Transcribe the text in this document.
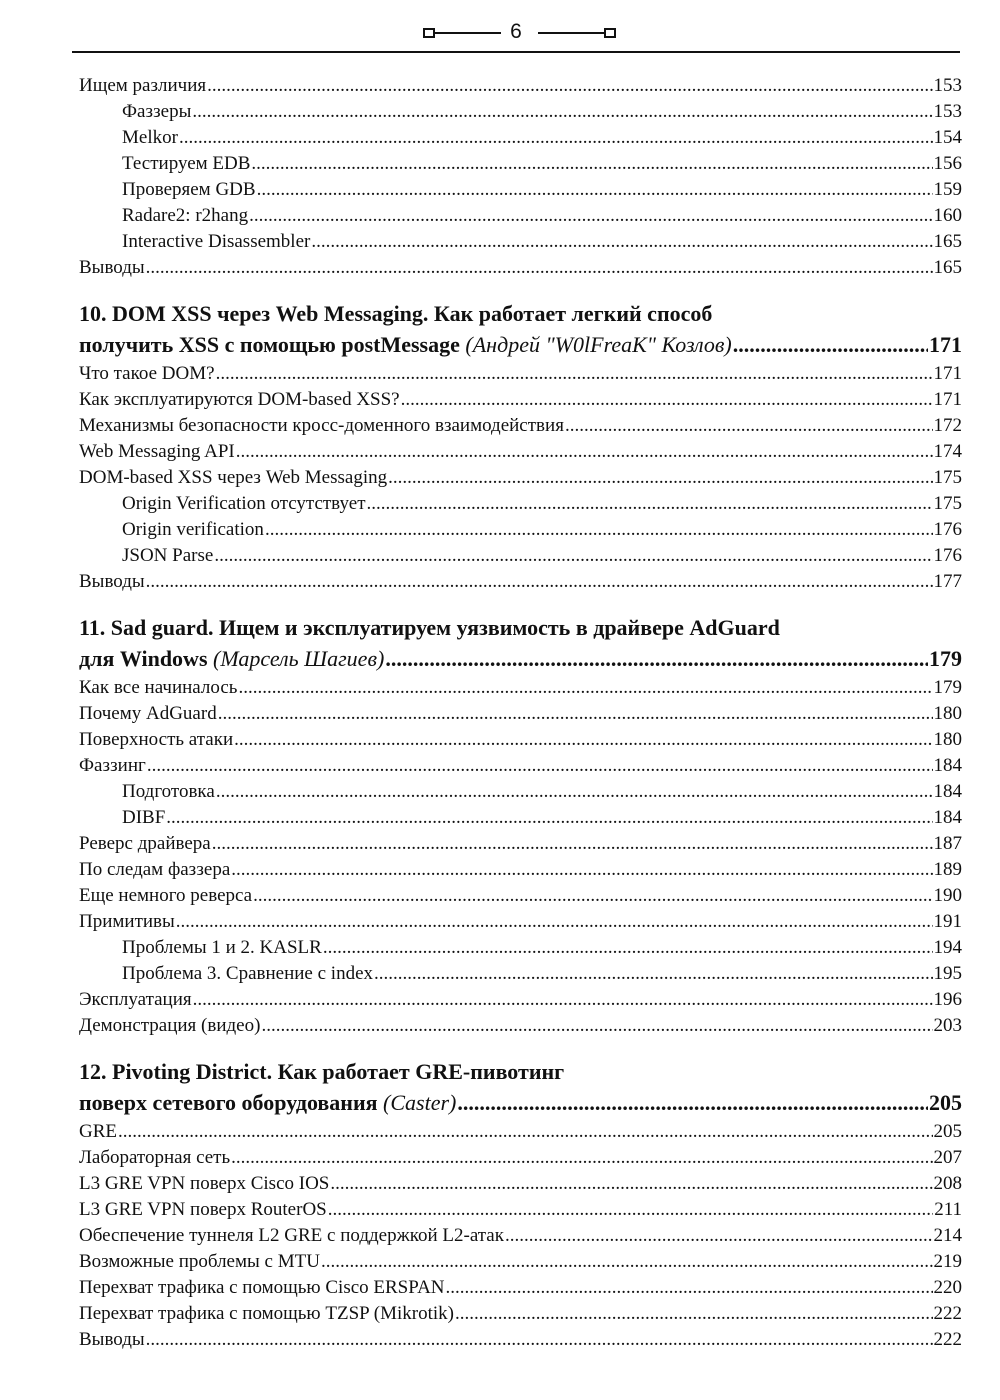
6
Ищем различия .....	153
Фаззеры .....	153
Melkor .....	154
Тестируем EDB .....	156
Проверяем GDB .....	159
Radare2: r2hang .....	160
Interactive Disassembler .....	165
Выводы .....	165
10. DOM XSS через Web Messaging. Как работает легкий способ
получить XSS с помощью postMessage (Андрей "W0lFreaK" Козлов) .....	171
Что такое DOM? .....	171
Как эксплуатируются DOM-based XSS? .....	171
Механизмы безопасности кросс-доменного взаимодействия .....	172
Web Messaging API .....	174
DOM-based XSS через Web Messaging .....	175
Origin Verification отсутствует .....	175
Origin verification .....	176
JSON Parse .....	176
Выводы .....	177
11. Sad guard. Ищем и эксплуатируем уязвимость в драйвере AdGuard
для Windows (Марсель Шагиев) .....	179
Как все начиналось .....	179
Почему AdGuard .....	180
Поверхность атаки .....	180
Фаззинг .....	184
Подготовка .....	184
DIBF .....	184
Реверс драйвера .....	187
По следам фаззера .....	189
Еще немного реверса .....	190
Примитивы .....	191
Проблемы 1 и 2. KASLR .....	194
Проблема 3. Сравнение с index .....	195
Эксплуатация .....	196
Демонстрация (видео) .....	203
12. Pivoting District. Как работает GRE-пивотинг
поверх сетевого оборудования (Caster) .....	205
GRE .....	205
Лабораторная сеть .....	207
L3 GRE VPN поверх Cisco IOS .....	208
L3 GRE VPN поверх RouterOS .....	211
Обеспечение туннеля L2 GRE с поддержкой L2-атак .....	214
Возможные проблемы с MTU .....	219
Перехват трафика с помощью Cisco ERSPAN .....	220
Перехват трафика с помощью TZSP (Mikrotik) .....	222
Выводы .....	222
